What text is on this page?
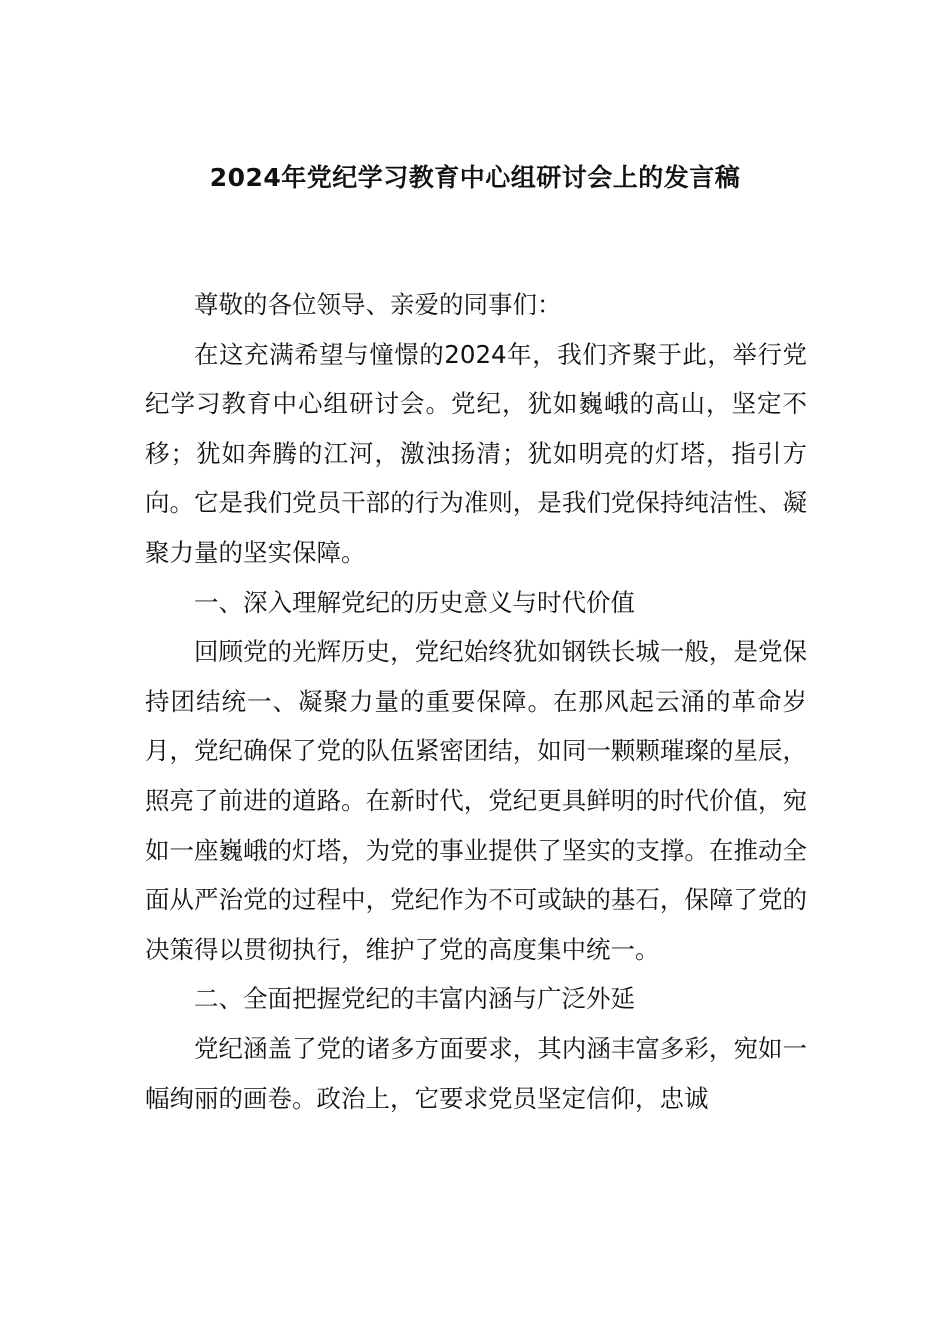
2024年党纪学习教育中心组研讨会上的发言稿

尊敬的各位领导、亲爱的同事们：

在这充满希望与憧憬的2024年，我们齐聚于此，举行党纪学习教育中心组研讨会。党纪，犹如巍峨的高山，坚定不移；犹如奔腾的江河，激浊扬清；犹如明亮的灯塔，指引方向。它是我们党员干部的行为准则，是我们党保持纯洁性、凝聚力量的坚实保障。

一、深入理解党纪的历史意义与时代价值

回顾党的光辉历史，党纪始终犹如钢铁长城一般，是党保持团结统一、凝聚力量的重要保障。在那风起云涌的革命岁月，党纪确保了党的队伍紧密团结，如同一颗颗璀璨的星辰，照亮了前进的道路。在新时代，党纪更具鲜明的时代价值，宛如一座巍峨的灯塔，为党的事业提供了坚实的支撑。在推动全面从严治党的过程中，党纪作为不可或缺的基石，保障了党的决策得以贯彻执行，维护了党的高度集中统一。

二、全面把握党纪的丰富内涵与广泛外延

党纪涵盖了党的诸多方面要求，其内涵丰富多彩，宛如一幅绚丽的画卷。政治上，它要求党员坚定信仰，忠诚
